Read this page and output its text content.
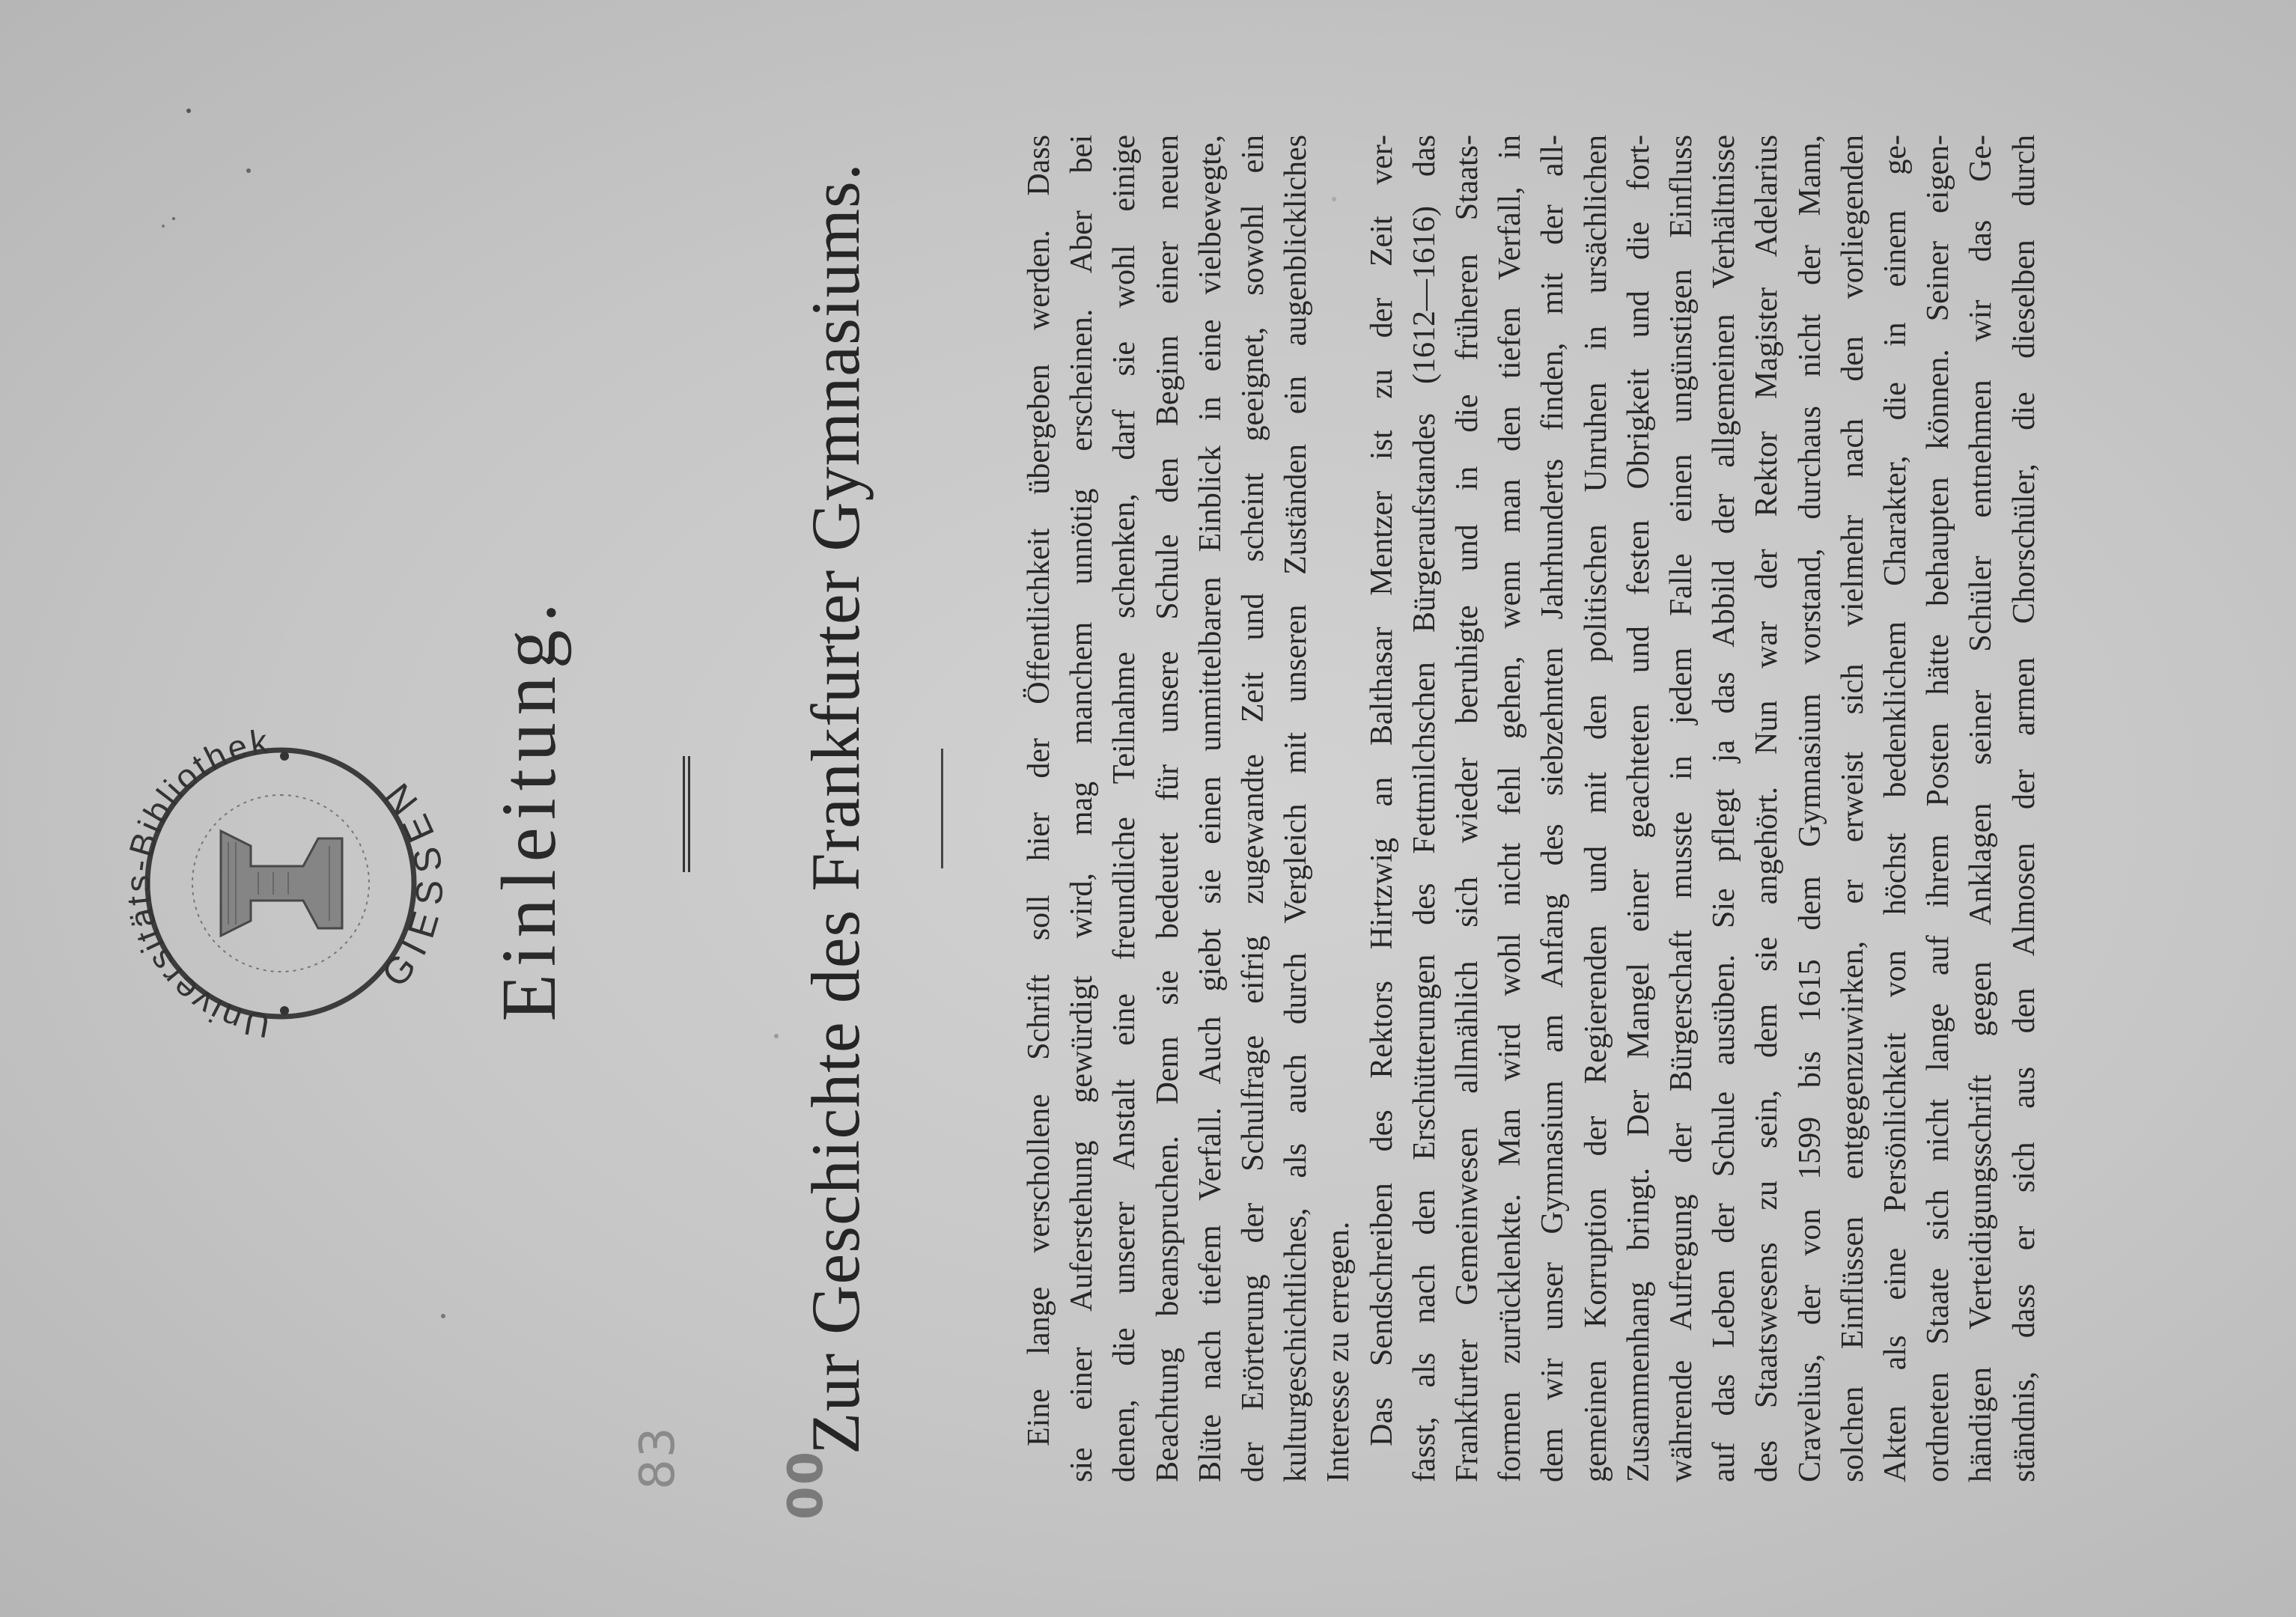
Universitäts-Bibliothek
GIESSEN
83 00
Einleitung.	Zur Geschichte des Frankfurter Gymnasiums.	Eine lange verschollene Schrift soll hier der Öffentlichkeit übergeben werden. Dass sie einer Auferstehung gewürdigt wird, mag manchem unnötig erscheinen. Aber bei denen, die unserer Anstalt eine freundliche Teilnahme schenken, darf sie wohl einige Beachtung beanspruchen. Denn sie bedeutet für unsere Schule den Beginn einer neuen Blüte nach tiefem Verfall. Auch giebt sie einen unmittelbaren Einblick in eine vielbewegte, der Erörterung der Schulfrage eifrig zugewandte Zeit und scheint geeignet, sowohl ein kulturgeschichtliches, als auch durch Vergleich mit unseren Zuständen ein augenblickliches Interesse zu erregen. Das Sendschreiben des Rektors Hirtzwig an Balthasar Mentzer ist zu der Zeit ver- fasst, als nach den Erschütterungen des Fettmilchschen Bürgeraufstandes (1612—1616) das Frankfurter Gemeinwesen allmählich sich wieder beruhigte und in die früheren Staats- formen zurücklenkte. Man wird wohl nicht fehl gehen, wenn man den tiefen Verfall, in dem wir unser Gymnasium am Anfang des siebzehnten Jahrhunderts finden, mit der all- gemeinen Korruption der Regierenden und mit den politischen Unruhen in ursächlichen Zusammenhang bringt. Der Mangel einer geachteten und festen Obrigkeit und die fort- währende Aufregung der Bürgerschaft musste in jedem Falle einen ungünstigen Einfluss auf das Leben der Schule ausüben. Sie pflegt ja das Abbild der allgemeinen Verhältnisse des Staatswesens zu sein, dem sie angehört. Nun war der Rektor Magister Adelarius Cravelius, der von 1599 bis 1615 dem Gymnasium vorstand, durchaus nicht der Mann, solchen Einflüssen entgegenzuwirken, er erweist sich vielmehr nach den vorliegenden Akten als eine Persönlichkeit von höchst bedenklichem Charakter, die in einem ge- ordneten Staate sich nicht lange auf ihrem Posten hätte behaupten können. Seiner eigen- händigen Verteidigungsschrift gegen Anklagen seiner Schüler entnehmen wir das Ge- ständnis, dass er sich aus den Almosen der armen Chorschüler, die dieselben durch
